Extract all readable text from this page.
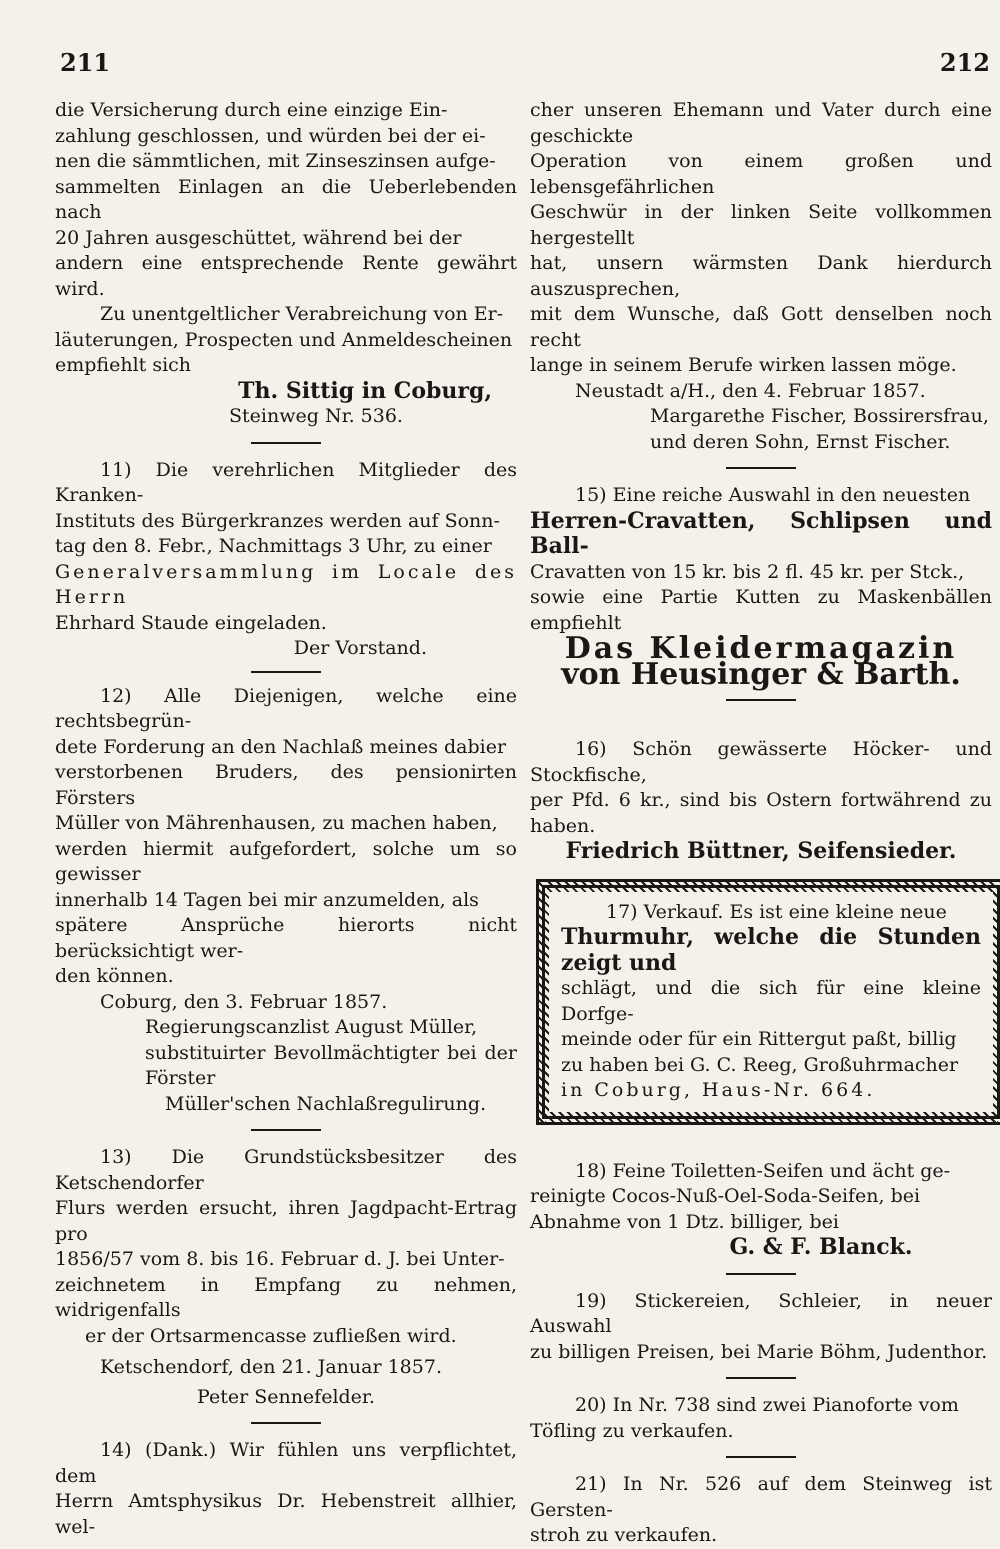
211	212

die Versicherung durch eine einzige Ein-

zahlung geschlossen, und würden bei der ei-

nen die sämmtlichen, mit Zinseszinsen aufge-

sammelten Einlagen an die Ueberlebenden nach

20 Jahren ausgeschüttet, während bei der

andern eine entsprechende Rente gewährt wird.

Zu unentgeltlicher Verabreichung von Er-

läuterungen, Prospecten und Anmeldescheinen

empfiehlt sich

Th. Sittig in Coburg,

Steinweg Nr. 536.

11) Die verehrlichen Mitglieder des Kranken-

Instituts des Bürgerkranzes werden auf Sonn-

tag den 8. Febr., Nachmittags 3 Uhr, zu einer

Generalversammlung im Locale des Herrn

Ehrhard Staude eingeladen.

Der Vorstand.

12) Alle Diejenigen, welche eine rechtsbegrün-

dete Forderung an den Nachlaß meines dabier

verstorbenen Bruders, des pensionirten Försters

Müller von Mährenhausen, zu machen haben,

werden hiermit aufgefordert, solche um so gewisser

innerhalb 14 Tagen bei mir anzumelden, als

spätere Ansprüche hierorts nicht berücksichtigt wer-

den können.

Coburg, den 3. Februar 1857.

Regierungscanzlist August Müller,

substituirter Bevollmächtigter bei der Förster

Müller'schen Nachlaßregulirung.

13) Die Grundstücksbesitzer des Ketschendorfer

Flurs werden ersucht, ihren Jagdpacht-Ertrag pro

1856/57 vom 8. bis 16. Februar d. J. bei Unter-

zeichnetem in Empfang zu nehmen, widrigenfalls

er der Ortsarmencasse zufließen wird.

Ketschendorf, den 21. Januar 1857.

Peter Sennefelder.

14) (Dank.) Wir fühlen uns verpflichtet, dem

Herrn Amtsphysikus Dr. Hebenstreit allhier, wel-

cher unseren Ehemann und Vater durch eine geschickte

Operation von einem großen und lebensgefährlichen

Geschwür in der linken Seite vollkommen hergestellt

hat, unsern wärmsten Dank hierdurch auszusprechen,

mit dem Wunsche, daß Gott denselben noch recht

lange in seinem Berufe wirken lassen möge.

Neustadt a/H., den 4. Februar 1857.

Margarethe Fischer, Bossirersfrau,

und deren Sohn, Ernst Fischer.

15) Eine reiche Auswahl in den neuesten

Herren-Cravatten, Schlipsen und Ball-

Cravatten von 15 kr. bis 2 fl. 45 kr. per Stck.,

sowie eine Partie Kutten zu Maskenbällen empfiehlt

Das Kleidermagazin

von Heusinger & Barth.

16) Schön gewässerte Höcker- und Stockfische,

per Pfd. 6 kr., sind bis Ostern fortwährend zu haben.

Friedrich Büttner, Seifensieder.

17) Verkauf. Es ist eine kleine neue

Thurmuhr, welche die Stunden zeigt und

schlägt, und die sich für eine kleine Dorfge-

meinde oder für ein Rittergut paßt, billig

zu haben bei G. C. Reeg, Großuhrmacher

in Coburg, Haus-Nr. 664.

18) Feine Toiletten-Seifen und ächt ge-

reinigte Cocos-Nuß-Oel-Soda-Seifen, bei

Abnahme von 1 Dtz. billiger, bei

G. & F. Blanck.

19) Stickereien, Schleier, in neuer Auswahl

zu billigen Preisen, bei Marie Böhm, Judenthor.

20) In Nr. 738 sind zwei Pianoforte vom

Töfling zu verkaufen.

21) In Nr. 526 auf dem Steinweg ist Gersten-

stroh zu verkaufen.
